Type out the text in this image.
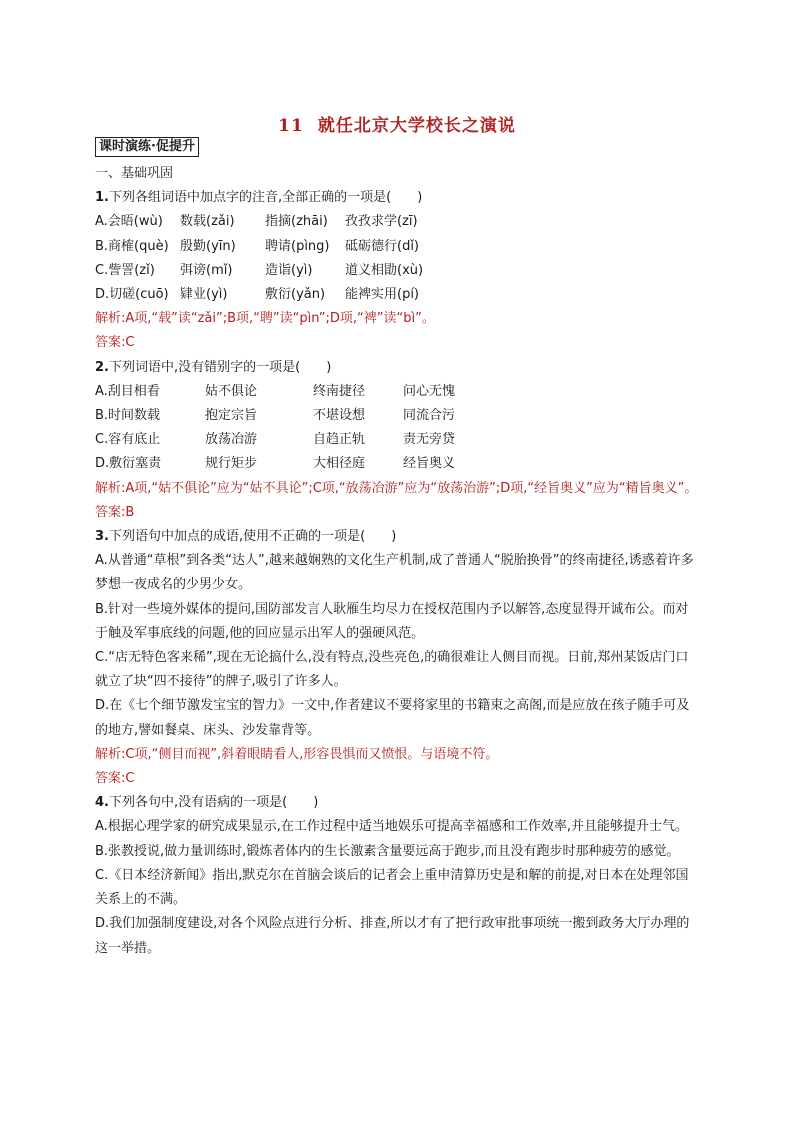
11 就任北京大学校长之演说
课时演练·促提升
一、基础巩固
1.下列各组词语中加点字的注音,全部正确的一项是(　　)
A.会晤(wù) 数载(zǎi) 指摘(zhāi) 孜孜求学(zī)
B.商榷(què) 殷勤(yīn) 聘请(pìng) 砥砺德行(dǐ)
C.訾詈(zǐ) 弭谤(mǐ)	造诣(yì)	道义相勖(xù)
D.切磋(cuō) 肄业(yì)	敷衍(yǎn) 能裨实用(pí)
解析:A项,“载”读“zǎi”;B项,“聘”读“pìn”;D项,“裨”读“bì”。
答案:C
2.下列词语中,没有错别字的一项是(　　)
A.刮目相看	姑不俱论	终南捷径	问心无愧
B.时间数载	抱定宗旨	不堪设想	同流合污
C.容有底止	放荡冶游	自趋正轨	责无旁贷
D.敷衍塞责	规行矩步	大相径庭	经旨奥义
解析:A项,“姑不俱论”应为“姑不具论”;C项,“放荡冶游”应为“放荡治游”;D项,“经旨奥义”应为“精旨奥义”。
答案:B
3.下列语句中加点的成语,使用不正确的一项是(　　)
A.从普通“草根”到各类“达人”,越来越娴熟的文化生产机制,成了普通人“脱胎换骨”的终南捷径,诱惑着许多梦想一夜成名的少男少女。
B.针对一些境外媒体的提问,国防部发言人耿雁生均尽力在授权范围内予以解答,态度显得开诚布公。而对于触及军事底线的问题,他的回应显示出军人的强硬风范。
C.“店无特色客来稀”,现在无论搞什么,没有特点,没些亮色,的确很难让人侧目而视。日前,郑州某饭店门口就立了块“四不接待”的牌子,吸引了许多人。
D.在《七个细节激发宝宝的智力》一文中,作者建议不要将家里的书籍束之高阁,而是应放在孩子随手可及的地方,譬如餐桌、床头、沙发靠背等。
解析:C项,“侧目而视”,斜着眼睛看人,形容畏惧而又愤恨。与语境不符。
答案:C
4.下列各句中,没有语病的一项是(　　)
A.根据心理学家的研究成果显示,在工作过程中适当地娱乐可提高幸福感和工作效率,并且能够提升士气。
B.张教授说,做力量训练时,锻炼者体内的生长激素含量要远高于跑步,而且没有跑步时那种疲劳的感觉。
C.《日本经济新闻》指出,默克尔在首脑会谈后的记者会上重申清算历史是和解的前提,对日本在处理邻国关系上的不满。
D.我们加强制度建设,对各个风险点进行分析、排查,所以才有了把行政审批事项统一搬到政务大厅办理的这一举措。
